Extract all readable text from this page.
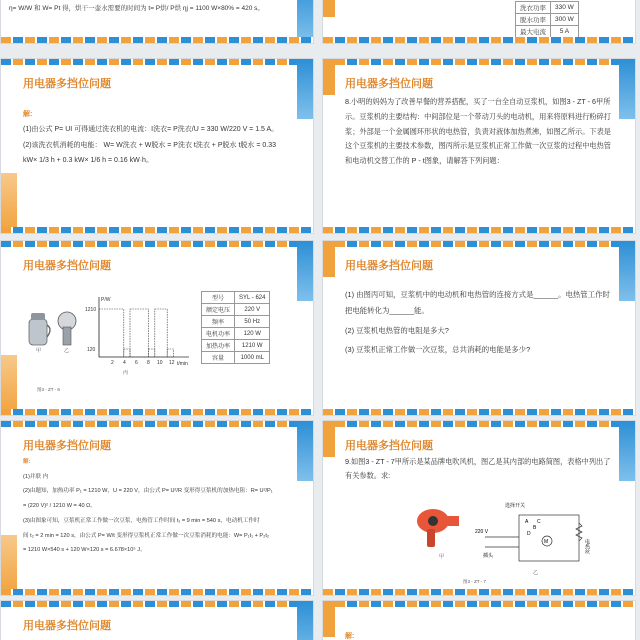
η= W/W 和 W= Pt 得，烘干一壶水需要的时间为 t= P烘/ P烘 ηj = 1100 W×80% = 420 s。	洗衣功率	330 W
脱水功率	300 W
最大电流	5 A
用电器多挡位问题

解:

(1)由公式 P= UI 可得通过洗衣机的电流：I洗衣= P洗衣/U = 330 W/220 V = 1.5 A。

(2)该洗衣机消耗的电能： W= W洗衣 + W脱水 = P洗衣 t洗衣 + P脱水 t脱水 = 0.33

kW× 1/3 h + 0.3 kW× 1/6 h = 0.16 kW·h。

用电器多挡位问题
8.小明的妈妈为了改善早餐的营养搭配，买了一台全自动豆浆机，如图3 - ZT - 6甲所示。豆浆机的主要结构：中间部位是一个带动刀头的电动机，用来将原料进行粉碎打浆；外部是一个金属圆环形状的电热管，负责对液体加热煮沸，如图乙所示。下表是这个豆浆机的主要技术参数，图丙所示是豆浆机正常工作做一次豆浆的过程中电热管和电动机交替工作的 P - t图象，请解答下列问题：
用电器多挡位问题
甲	乙
P/W
t/min
1210
120
2 4 6 8 10 12
丙
图3 - ZT - 6
型号	SYL - 624
额定电压	220 V
频率	50 Hz
电机功率	120 W
加热功率	1210 W
容量	1000 mL
用电器多挡位问题

(1) 由图丙可知，豆浆机中的电动机和电热管的连接方式是______。电热管工作时把电能转化为______能。

(2) 豆浆机电热管的电阻是多大?

(3) 豆浆机正常工作做一次豆浆，总共消耗的电能是多少?

用电器多挡位问题

解:

(1)并联 内

(2)由题知，加热功率 P₁ = 1210 W，U = 220 V，由公式 P= U²/R 变形得豆浆机的加热电阻：R= U²/P₁

= (220 V)² / 1210 W = 40 Ω。

(3)由图象可知，豆浆机正常工作做一次豆浆，电热管工作时间 t₁ = 9 min = 540 s，电动机工作时

间 t₂ = 2 min = 120 s，由公式 P= W/t 变形得豆浆机正常工作做一次豆浆消耗的电能：W= P₁t₁ + P₂t₂

= 1210 W×540 s + 120 W×120 s = 6.678×10⁵ J。

用电器多挡位问题
9.如图3 - ZT - 7甲所示是某品牌电吹风机，图乙是其内部的电路简图，表格中列出了有关参数。求:
甲
M	电热丝
选择开关
220 V
插头
A
B
C
D
乙
图3 - ZT - 7
用电器多挡位问题
解:
